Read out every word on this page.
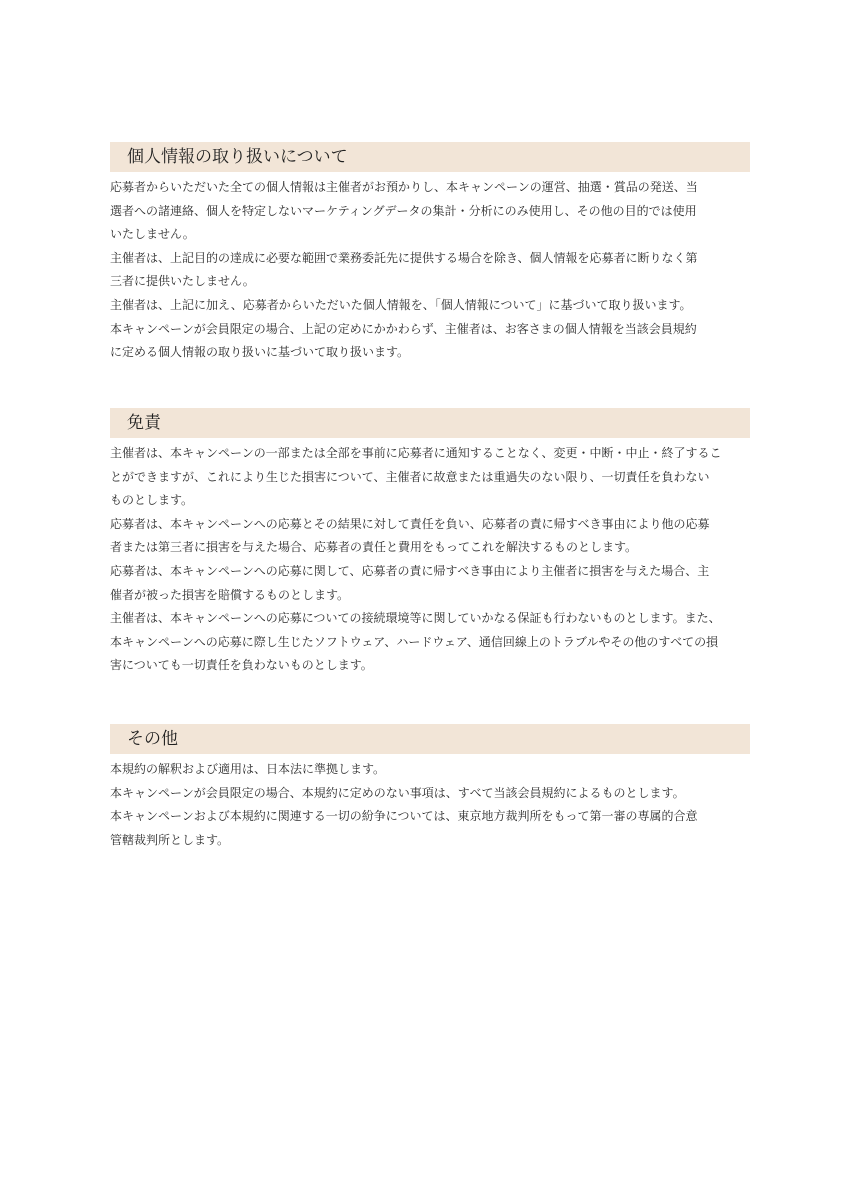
個人情報の取り扱いについて
応募者からいただいた全ての個人情報は主催者がお預かりし、本キャンペーンの運営、抽選・賞品の発送、当
選者への諸連絡、個人を特定しないマーケティングデータの集計・分析にのみ使用し、その他の目的では使用
いたしません。
主催者は、上記目的の達成に必要な範囲で業務委託先に提供する場合を除き、個人情報を応募者に断りなく第
三者に提供いたしません。
主催者は、上記に加え、応募者からいただいた個人情報を、「個人情報について」に基づいて取り扱います。
本キャンペーンが会員限定の場合、上記の定めにかかわらず、主催者は、お客さまの個人情報を当該会員規約
に定める個人情報の取り扱いに基づいて取り扱います。
免責
主催者は、本キャンペーンの一部または全部を事前に応募者に通知することなく、変更・中断・中止・終了するこ
とができますが、これにより生じた損害について、主催者に故意または重過失のない限り、一切責任を負わない
ものとします。
応募者は、本キャンペーンへの応募とその結果に対して責任を負い、応募者の責に帰すべき事由により他の応募
者または第三者に損害を与えた場合、応募者の責任と費用をもってこれを解決するものとします。
応募者は、本キャンペーンへの応募に関して、応募者の責に帰すべき事由により主催者に損害を与えた場合、主
催者が被った損害を賠償するものとします。
主催者は、本キャンペーンへの応募についての接続環境等に関していかなる保証も行わないものとします。また、
本キャンペーンへの応募に際し生じたソフトウェア、ハードウェア、通信回線上のトラブルやその他のすべての損
害についても一切責任を負わないものとします。
その他
本規約の解釈および適用は、日本法に準拠します。
本キャンペーンが会員限定の場合、本規約に定めのない事項は、すべて当該会員規約によるものとします。
本キャンペーンおよび本規約に関連する一切の紛争については、東京地方裁判所をもって第一審の専属的合意
管轄裁判所とします。
